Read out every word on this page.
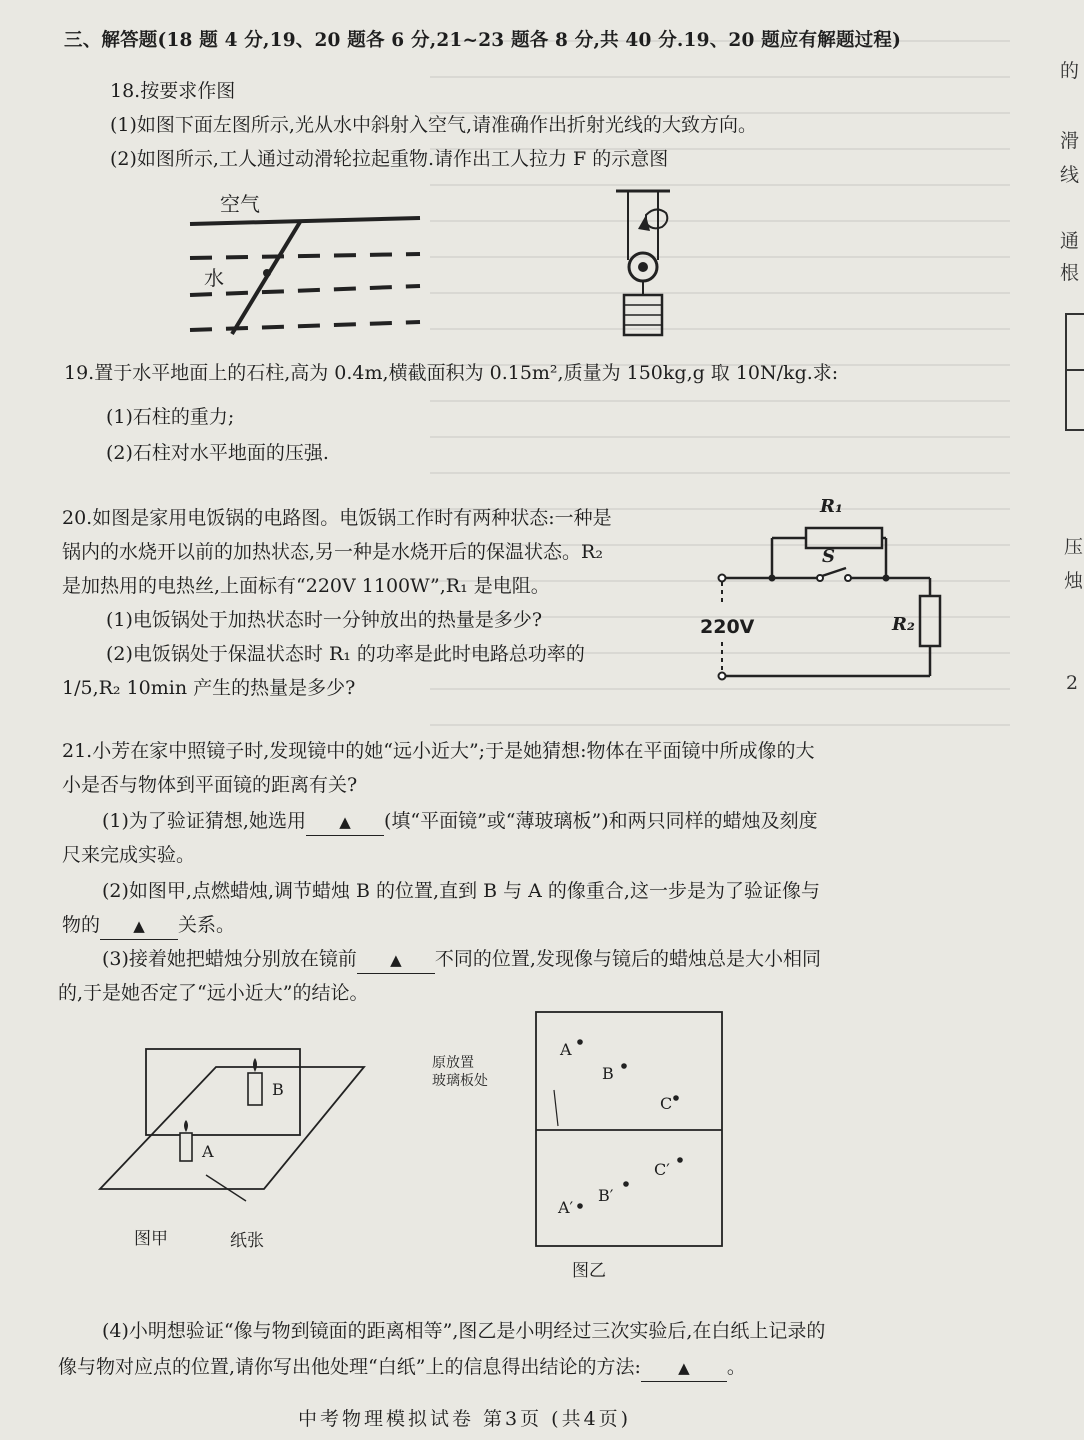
三、解答题(18 题 4 分,19、20 题各 6 分,21~23 题各 8 分,共 40 分.19、20 题应有解题过程)
18.按要求作图
(1)如图下面左图所示,光从水中斜射入空气,请准确作出折射光线的大致方向。
(2)如图所示,工人通过动滑轮拉起重物.请作出工人拉力 F 的示意图
空气
水
19.置于水平地面上的石柱,高为 0.4m,横截面积为 0.15m²,质量为 150kg,g 取 10N/kg.求:
(1)石柱的重力;
(2)石柱对水平地面的压强.
20.如图是家用电饭锅的电路图。电饭锅工作时有两种状态:一种是
锅内的水烧开以前的加热状态,另一种是水烧开后的保温状态。R₂
是加热用的电热丝,上面标有“220V 1100W”,R₁ 是电阻。
(1)电饭锅处于加热状态时一分钟放出的热量是多少?
(2)电饭锅处于保温状态时 R₁ 的功率是此时电路总功率的
1/5,R₂ 10min 产生的热量是多少?
R₁
S
R₂
220V
21.小芳在家中照镜子时,发现镜中的她“远小近大”;于是她猜想:物体在平面镜中所成像的大
小是否与物体到平面镜的距离有关?
(1)为了验证猜想,她选用 ▲ (填“平面镜”或“薄玻璃板”)和两只同样的蜡烛及刻度
尺来完成实验。
(2)如图甲,点燃蜡烛,调节蜡烛 B 的位置,直到 B 与 A 的像重合,这一步是为了验证像与
物的 ▲ 关系。
(3)接着她把蜡烛分别放在镜前 ▲ 不同的位置,发现像与镜后的蜡烛总是大小相同
的,于是她否定了“远小近大”的结论。
B
A
图甲	纸张
原放置
玻璃板处
A
B
C
A′
B′
C′
图乙
(4)小明想验证“像与物到镜面的距离相等”,图乙是小明经过三次实验后,在白纸上记录的
像与物对应点的位置,请你写出他处理“白纸”上的信息得出结论的方法: ▲ 。
中考物理模拟试卷 第3页 (共4页)
的
滑
线
通
根
压
烛
2
